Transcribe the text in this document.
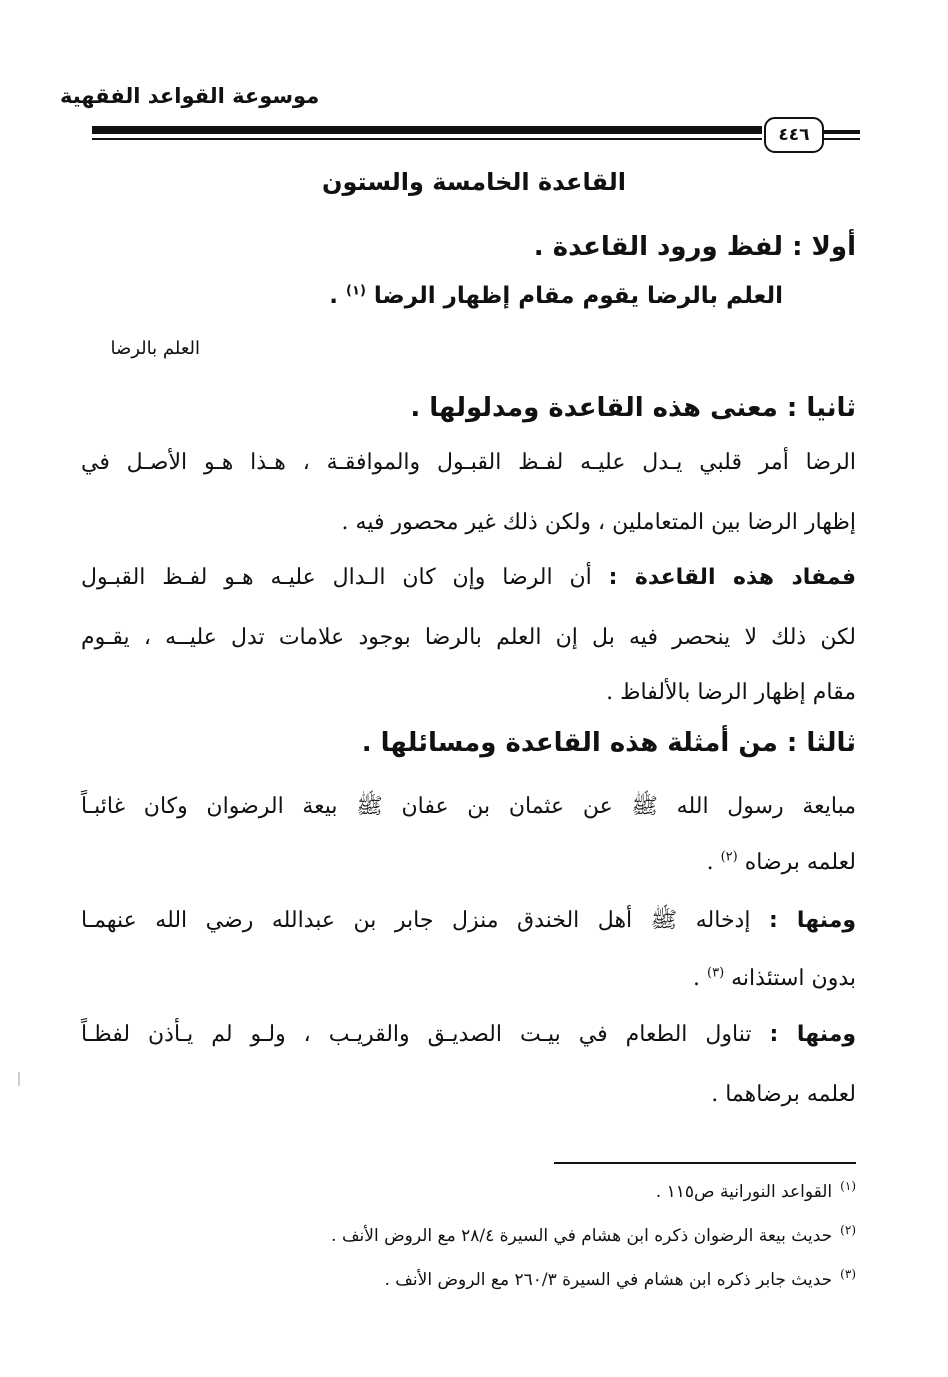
موسوعة القواعد الفقهية
٤٤٦
القاعدة الخامسة والستون
أولا : لفظ ورود القاعدة .
العلم بالرضا يقوم مقام إظهار الرضا $^{(١)}$ .
العلم بالرضا
ثانيا : معنى هذه القاعدة ومدلولها .
الرضا أمر قلبي يـدل عليـه لفـظ القبـول والموافقـة ، هـذا هـو الأصـل في
إظهار الرضا بين المتعاملين ، ولكن ذلك غير محصور فيه .
فمفاد هذه القاعدة : أن الرضا وإن كان الـدال عليـه هـو لفـظ القبـول
لكن ذلك لا ينحصر فيه بل إن العلم بالرضا بوجود علامات تدل عليــه ، يقـوم
مقام إظهار الرضا بالألفاظ .
ثالثا : من أمثلة هذه القاعدة ومسائلها .
مبايعة رسول الله ﷺ عن عثمان بن عفان ﷺ بيعة الرضوان وكان غائبـاً
لعلمه برضاه $^{(٢)}$ .
ومنها : إدخاله ﷺ أهل الخندق منزل جابر بن عبدالله رضي الله عنهمـا
بدون استئذانه $^{(٣)}$ .
ومنها : تناول الطعام في بيـت الصديـق والقريـب ، ولـو لم يـأذن لفظـاً
لعلمه برضاهما .
$^{(١)}$القواعد النورانية ص١١٥ .
$^{(٢)}$حديث بيعة الرضوان ذكره ابن هشام في السيرة ٢٨/٤ مع الروض الأنف .
$^{(٣)}$حديث جابر ذكره ابن هشام في السيرة ٢٦٠/٣ مع الروض الأنف .
